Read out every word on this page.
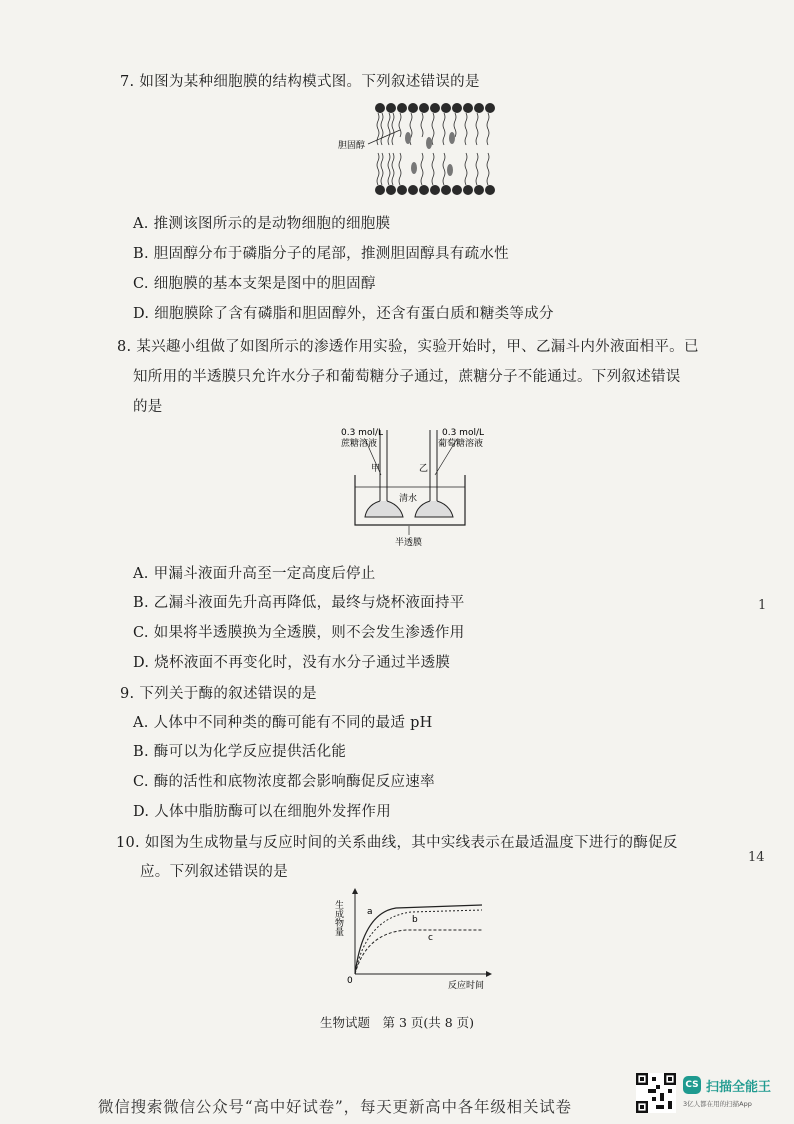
7. 如图为某种细胞膜的结构模式图。下列叙述错误的是
胆固醇
A. 推测该图所示的是动物细胞的细胞膜
B. 胆固醇分布于磷脂分子的尾部，推测胆固醇具有疏水性
C. 细胞膜的基本支架是图中的胆固醇
D. 细胞膜除了含有磷脂和胆固醇外，还含有蛋白质和糖类等成分
8. 某兴趣小组做了如图所示的渗透作用实验，实验开始时，甲、乙漏斗内外液面相平。已
知所用的半透膜只允许水分子和葡萄糖分子通过，蔗糖分子不能通过。下列叙述错误
的是
0.3 mol/L
蔗糖溶液
0.3 mol/L
葡萄糖溶液
甲	乙
清水
半透膜
A. 甲漏斗液面升高至一定高度后停止
B. 乙漏斗液面先升高再降低，最终与烧杯液面持平
C. 如果将半透膜换为全透膜，则不会发生渗透作用
D. 烧杯液面不再变化时，没有水分子通过半透膜
9. 下列关于酶的叙述错误的是
A. 人体中不同种类的酶可能有不同的最适 pH
B. 酶可以为化学反应提供活化能
C. 酶的活性和底物浓度都会影响酶促反应速率
D. 人体中脂肪酶可以在细胞外发挥作用
10. 如图为生成物量与反应时间的关系曲线，其中实线表示在最适温度下进行的酶促反
应。下列叙述错误的是
生成物量
0	反应时间
a
b
c
生物试题　第 3 页(共 8 页)
1
14
微信搜索微信公众号“高中好试卷”，每天更新高中各年级相关试卷
CS 扫描全能王
3亿人都在用的扫描App
